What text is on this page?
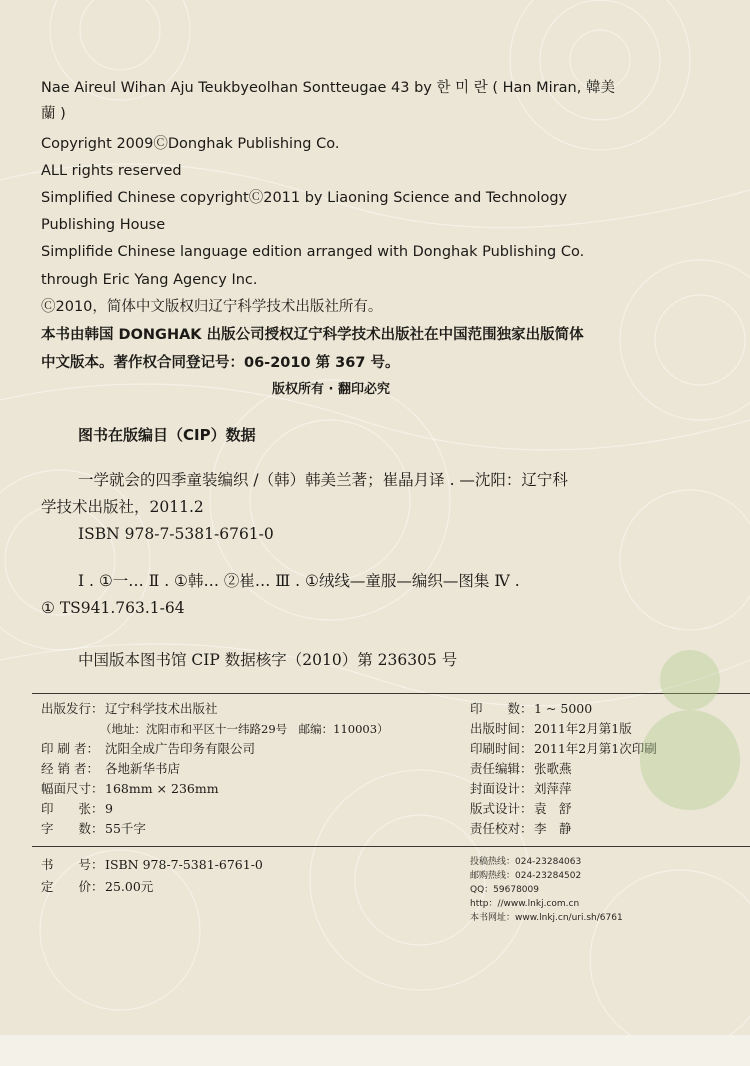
Nae Aireul Wihan Aju Teukbyeolhan Sontteugae 43 by 한 미 란 ( Han Miran, 韓美
蘭 )
Copyright 2009ⒸDonghak Publishing Co.
ALL rights reserved
Simplified Chinese copyrightⒸ2011 by Liaoning Science and Technology
Publishing House
Simplifide Chinese language edition arranged with Donghak Publishing Co.
through Eric Yang Agency Inc.
Ⓒ2010，简体中文版权归辽宁科学技术出版社所有。
本书由韩国 DONGHAK 出版公司授权辽宁科学技术出版社在中国范围独家出版简体
中文版本。著作权合同登记号：06-2010 第 367 号。
版权所有 · 翻印必究
图书在版编目（CIP）数据
一学就会的四季童装编织 /（韩）韩美兰著；崔晶月译 . —沈阳：辽宁科
学技术出版社，2011.2
ISBN 978-7-5381-6761-0
Ⅰ . ①一… Ⅱ . ①韩… ②崔… Ⅲ . ①绒线—童服—编织—图集 Ⅳ .
① TS941.763.1-64
中国版本图书馆 CIP 数据核字（2010）第 236305 号
出版发行：辽宁科学技术出版社
（地址：沈阳市和平区十一纬路29号　邮编：110003）
印 刷 者： 沈阳全成广告印务有限公司
经 销 者： 各地新华书店
幅面尺寸：168mm × 236mm
印　　张：9
字　　数：55千字
印　　数：1 ~ 5000
出版时间：2011年2月第1版
印刷时间：2011年2月第1次印刷
责任编辑：张歌燕
封面设计：刘萍萍
版式设计：袁　舒
责任校对：李　静
书　　号：ISBN 978-7-5381-6761-0
定　　价：25.00元
投稿热线：024-23284063
邮购热线：024-23284502
QQ：59678009
http：//www.lnkj.com.cn
本书网址：www.lnkj.cn/uri.sh/6761
